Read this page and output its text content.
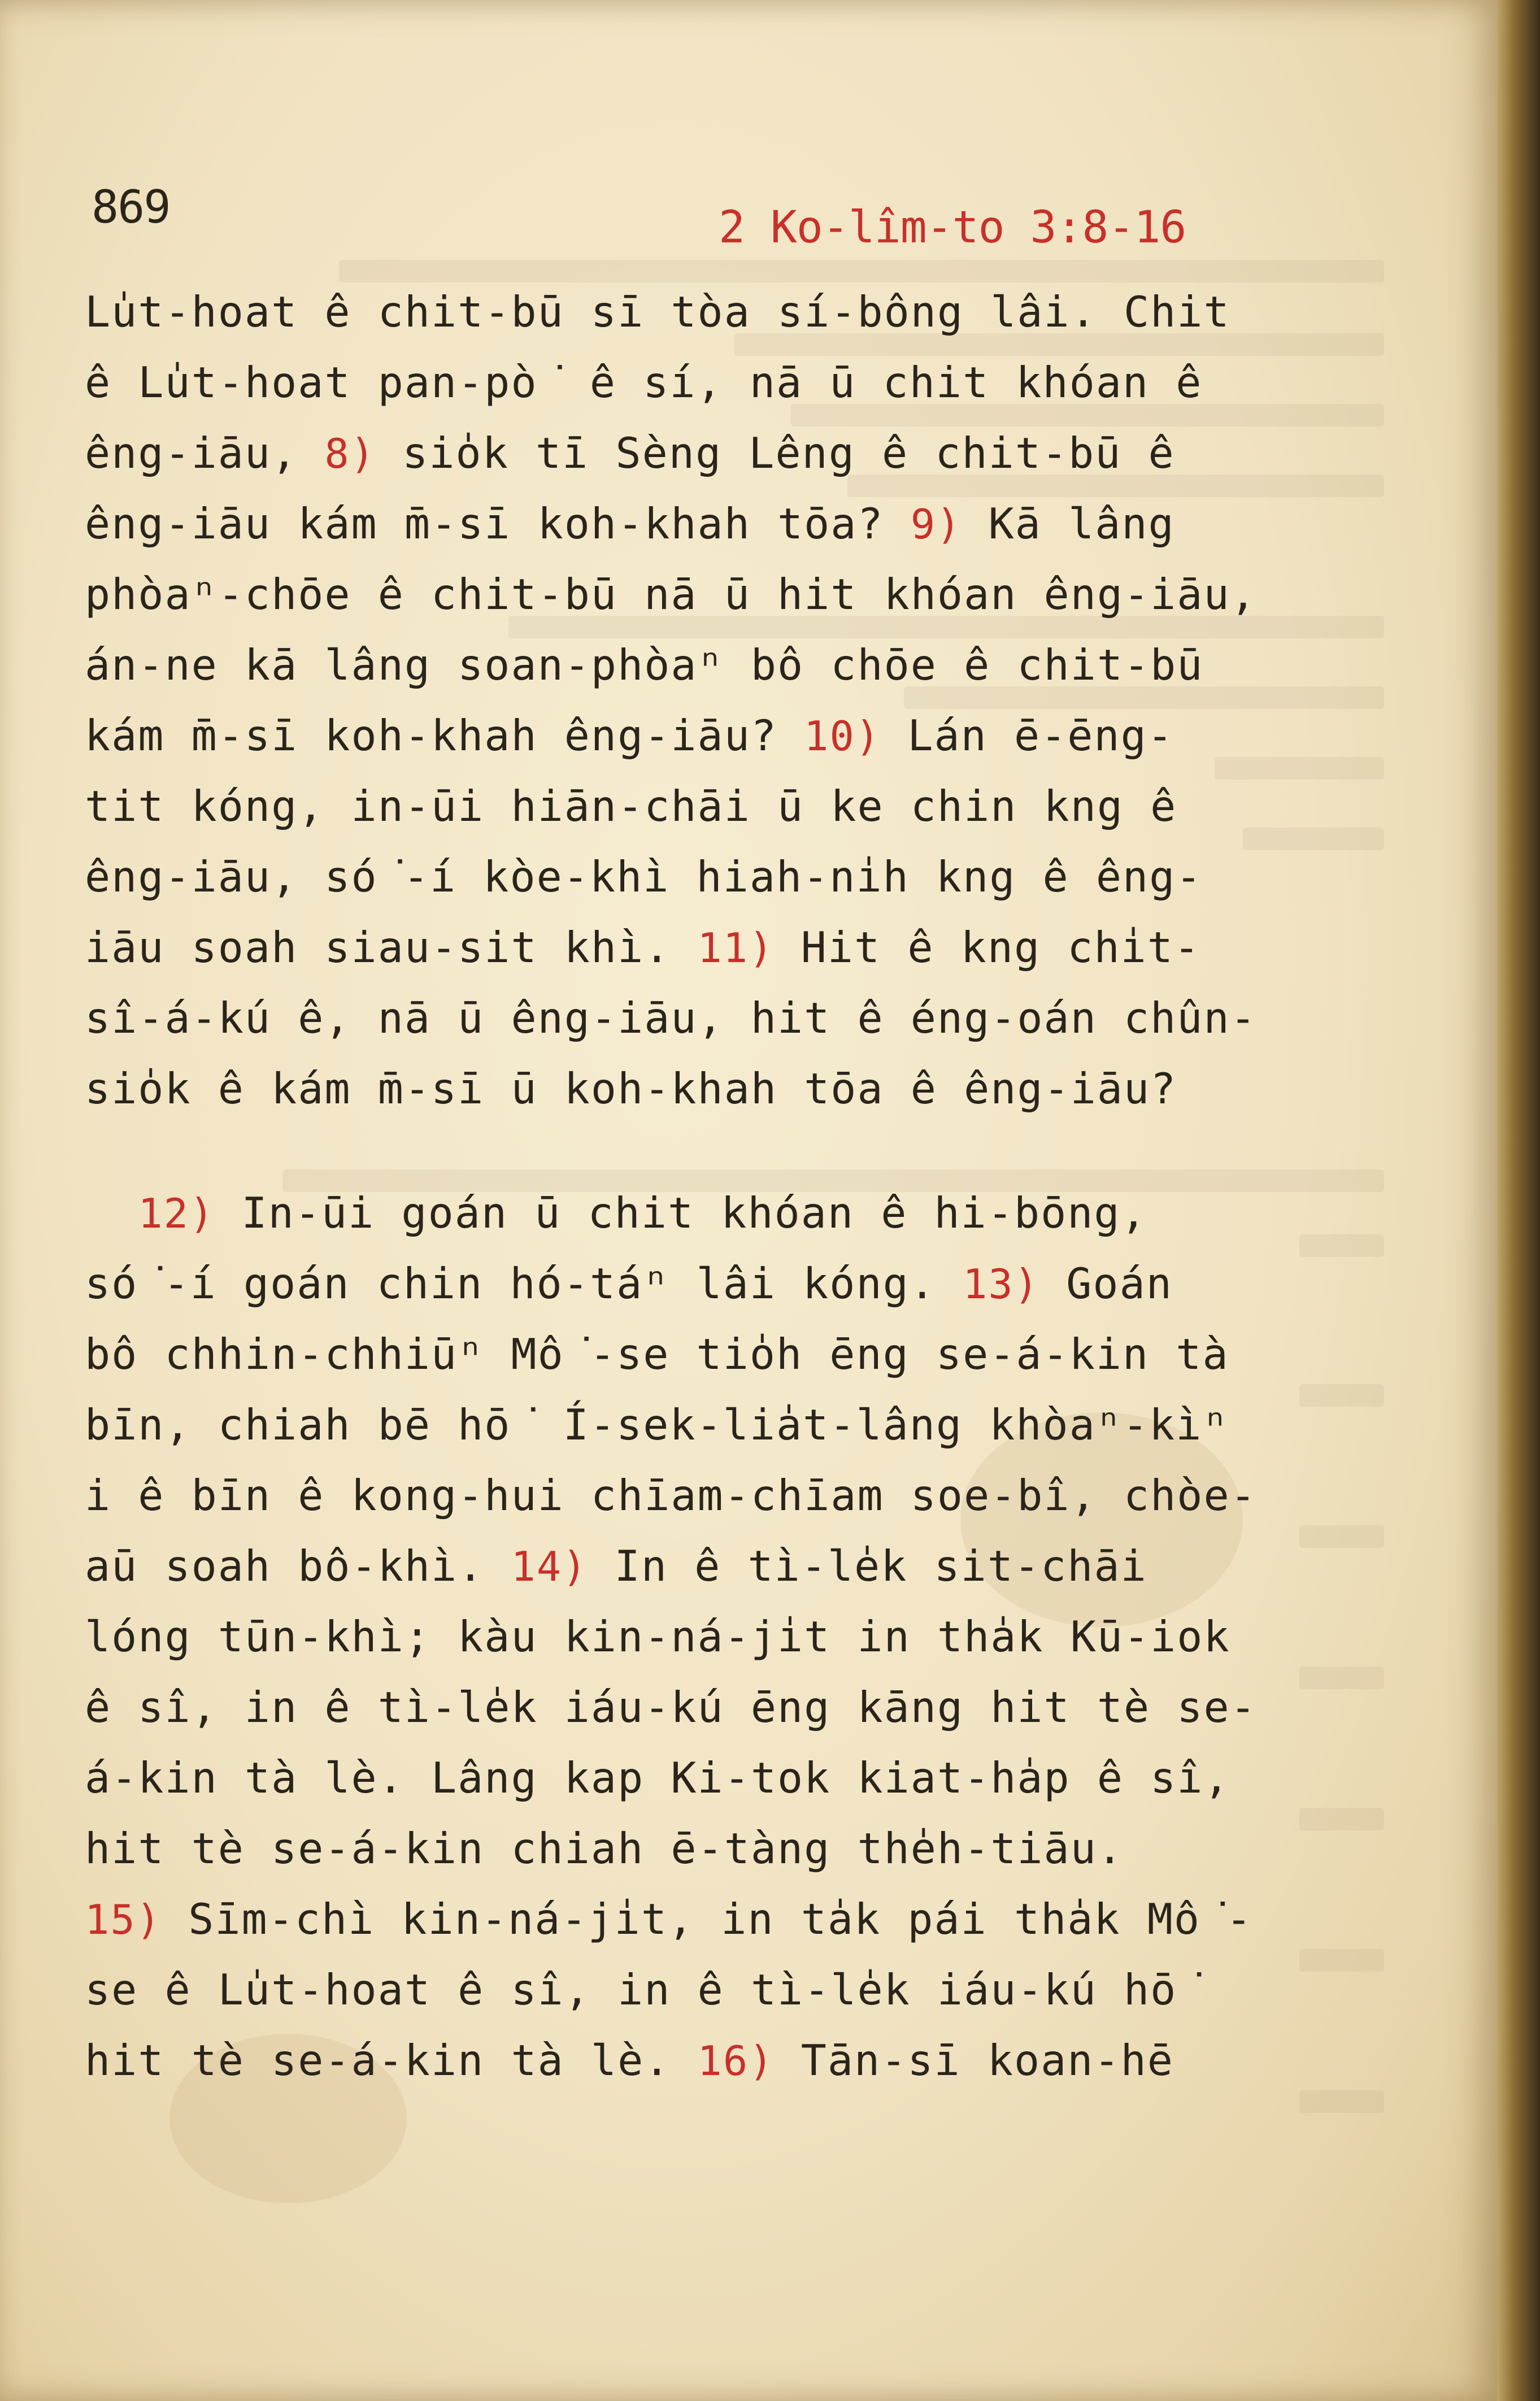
869	2 Ko-lîm-to 3:8-16
Lu̍t-hoat ê chit-bū sī tòa sí-bông lâi. Chit
ê Lu̍t-hoat pan-pò͘ ê sí, nā ū chit khóan ê
êng-iāu, 8) sio̍k tī Sèng Lêng ê chit-bū ê
êng-iāu kám m̄-sī koh-khah tōa? 9) Kā lâng
phòaⁿ-chōe ê chit-bū nā ū hit khóan êng-iāu,
án-ne kā lâng soan-phòaⁿ bô chōe ê chit-bū
kám m̄-sī koh-khah êng-iāu? 10) Lán ē-ēng-
tit kóng, in-ūi hiān-chāi ū ke chin kng ê
êng-iāu, só͘-í kòe-khì hiah-ni̍h kng ê êng-
iāu soah siau-sit khì. 11) Hit ê kng chi̍t-
sî-á-kú ê, nā ū êng-iāu, hit ê éng-oán chûn-
sio̍k ê kám m̄-sī ū koh-khah tōa ê êng-iāu?
12) In-ūi goán ū chit khóan ê hi-bōng,
só͘-í goán chin hó-táⁿ lâi kóng. 13) Goán
bô chhin-chhiūⁿ Mô͘-se tio̍h ēng se-á-kin tà
bīn, chiah bē hō͘ Í-sek-lia̍t-lâng khòaⁿ-kìⁿ
i ê bīn ê kong-hui chīam-chīam soe-bî, chòe-
aū soah bô-khì. 14) In ê tì-le̍k sit-chāi
lóng tūn-khì; kàu kin-ná-ji̍t in tha̍k Kū-iok
ê sî, in ê tì-le̍k iáu-kú ēng kāng hit tè se-
á-kin tà lè. Lâng kap Ki-tok kiat-ha̍p ê sî,
hit tè se-á-kin chiah ē-tàng the̍h-tiāu.
15) Sīm-chì kin-ná-ji̍t, in ta̍k pái tha̍k Mô͘-
se ê Lu̍t-hoat ê sî, in ê tì-le̍k iáu-kú hō͘
hit tè se-á-kin tà lè. 16) Tān-sī koan-hē
